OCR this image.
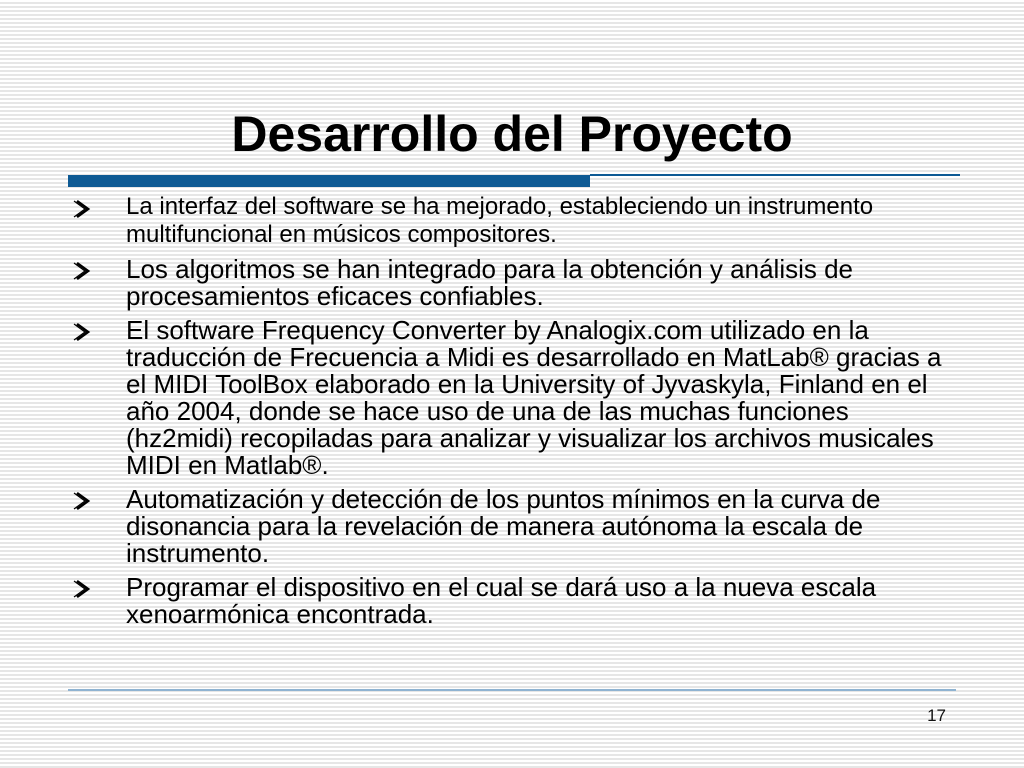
Desarrollo del Proyecto
La interfaz del software se ha mejorado, estableciendo un instrumento multifuncional en músicos compositores.
Los algoritmos se han integrado para la obtención y análisis de procesamientos eficaces confiables.
El software Frequency Converter by Analogix.com utilizado en la traducción de Frecuencia a Midi es desarrollado en MatLab® gracias a el MIDI ToolBox elaborado en la University of Jyvaskyla, Finland en el año 2004, donde se hace uso de una de las muchas funciones (hz2midi) recopiladas para analizar y visualizar los archivos musicales MIDI en Matlab®.
Automatización y detección de los puntos mínimos en la curva de disonancia para la revelación de manera autónoma la escala de instrumento.
Programar el dispositivo en el cual se dará uso a la nueva escala xenoarmónica encontrada.
17
